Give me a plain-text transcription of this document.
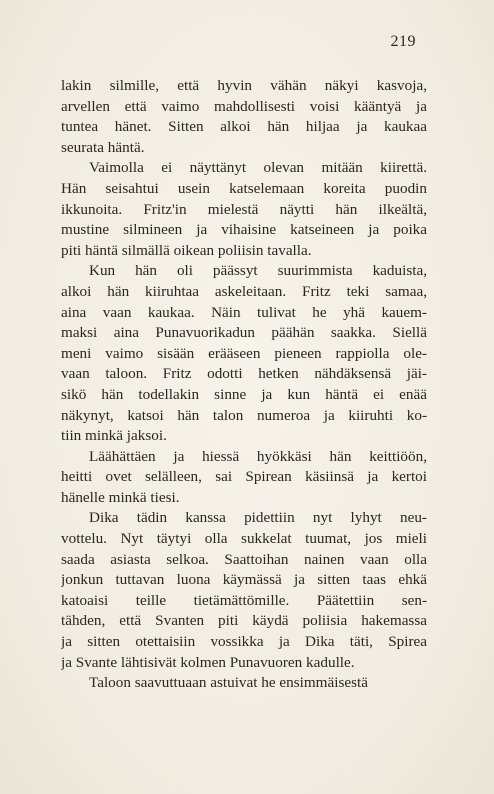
219
lakin silmille, että hyvin vähän näkyi kasvoja,
arvellen että vaimo mahdollisesti voisi kääntyä ja
tuntea hänet. Sitten alkoi hän hiljaa ja kaukaa
seurata häntä.
Vaimolla ei näyttänyt olevan mitään kiirettä.
Hän seisahtui usein katselemaan koreita puodin
ikkunoita. Fritz'in mielestä näytti hän ilkeältä,
mustine silmineen ja vihaisine katseineen ja poika
piti häntä silmällä oikean poliisin tavalla.
Kun hän oli päässyt suurimmista kaduista,
alkoi hän kiiruhtaa askeleitaan. Fritz teki samaa,
aina vaan kaukaa. Näin tulivat he yhä kauem-
maksi aina Punavuorikadun päähän saakka. Siellä
meni vaimo sisään erääseen pieneen rappiolla ole-
vaan taloon. Fritz odotti hetken nähdäksensä jäi-
sikö hän todellakin sinne ja kun häntä ei enää
näkynyt, katsoi hän talon numeroa ja kiiruhti ko-
tiin minkä jaksoi.
Läähättäen ja hiessä hyökkäsi hän keittiöön,
heitti ovet selälleen, sai Spirean käsiinsä ja kertoi
hänelle minkä tiesi.
Dika tädin kanssa pidettiin nyt lyhyt neu-
vottelu. Nyt täytyi olla sukkelat tuumat, jos mieli
saada asiasta selkoa. Saattoihan nainen vaan olla
jonkun tuttavan luona käymässä ja sitten taas ehkä
katoaisi teille tietämättömille. Päätettiin sen-
tähden, että Svanten piti käydä poliisia hakemassa
ja sitten otettaisiin vossikka ja Dika täti, Spirea
ja Svante lähtisivät kolmen Punavuoren kadulle.
Taloon saavuttuaan astuivat he ensimmäisestä
